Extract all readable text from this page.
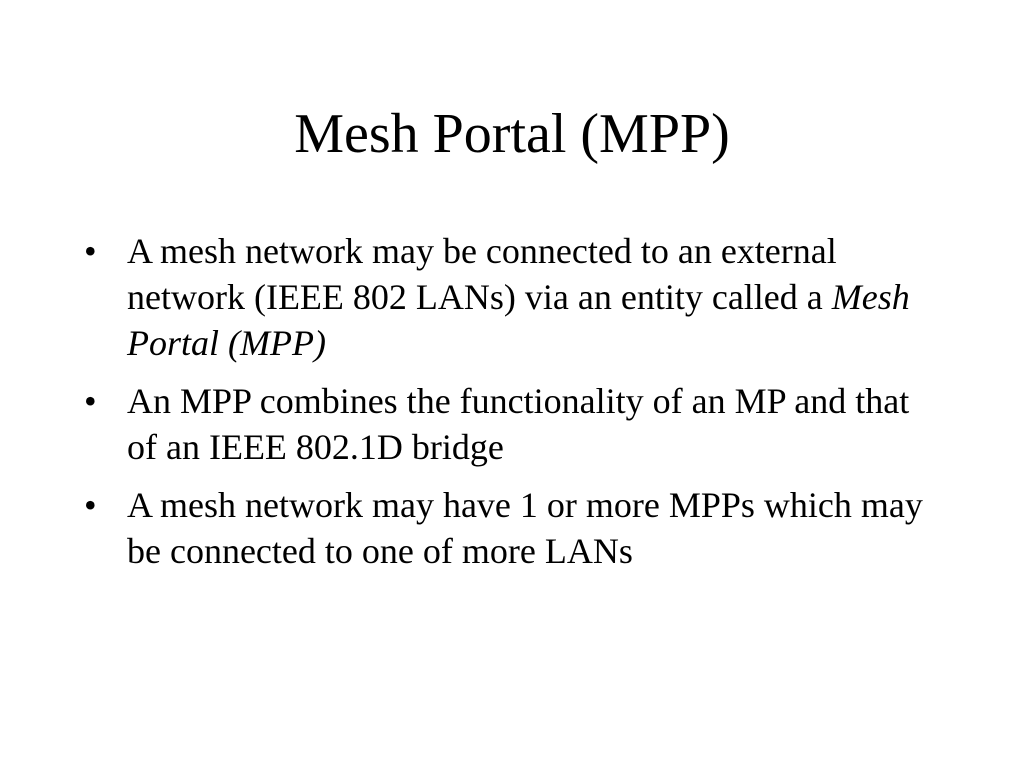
Mesh Portal (MPP)
• A mesh network may be connected to an external network (IEEE 802 LANs) via an entity called a Mesh Portal (MPP)
• An MPP combines the functionality of an MP and that of an IEEE 802.1D bridge
• A mesh network may have 1 or more MPPs which may be connected to one of more LANs
